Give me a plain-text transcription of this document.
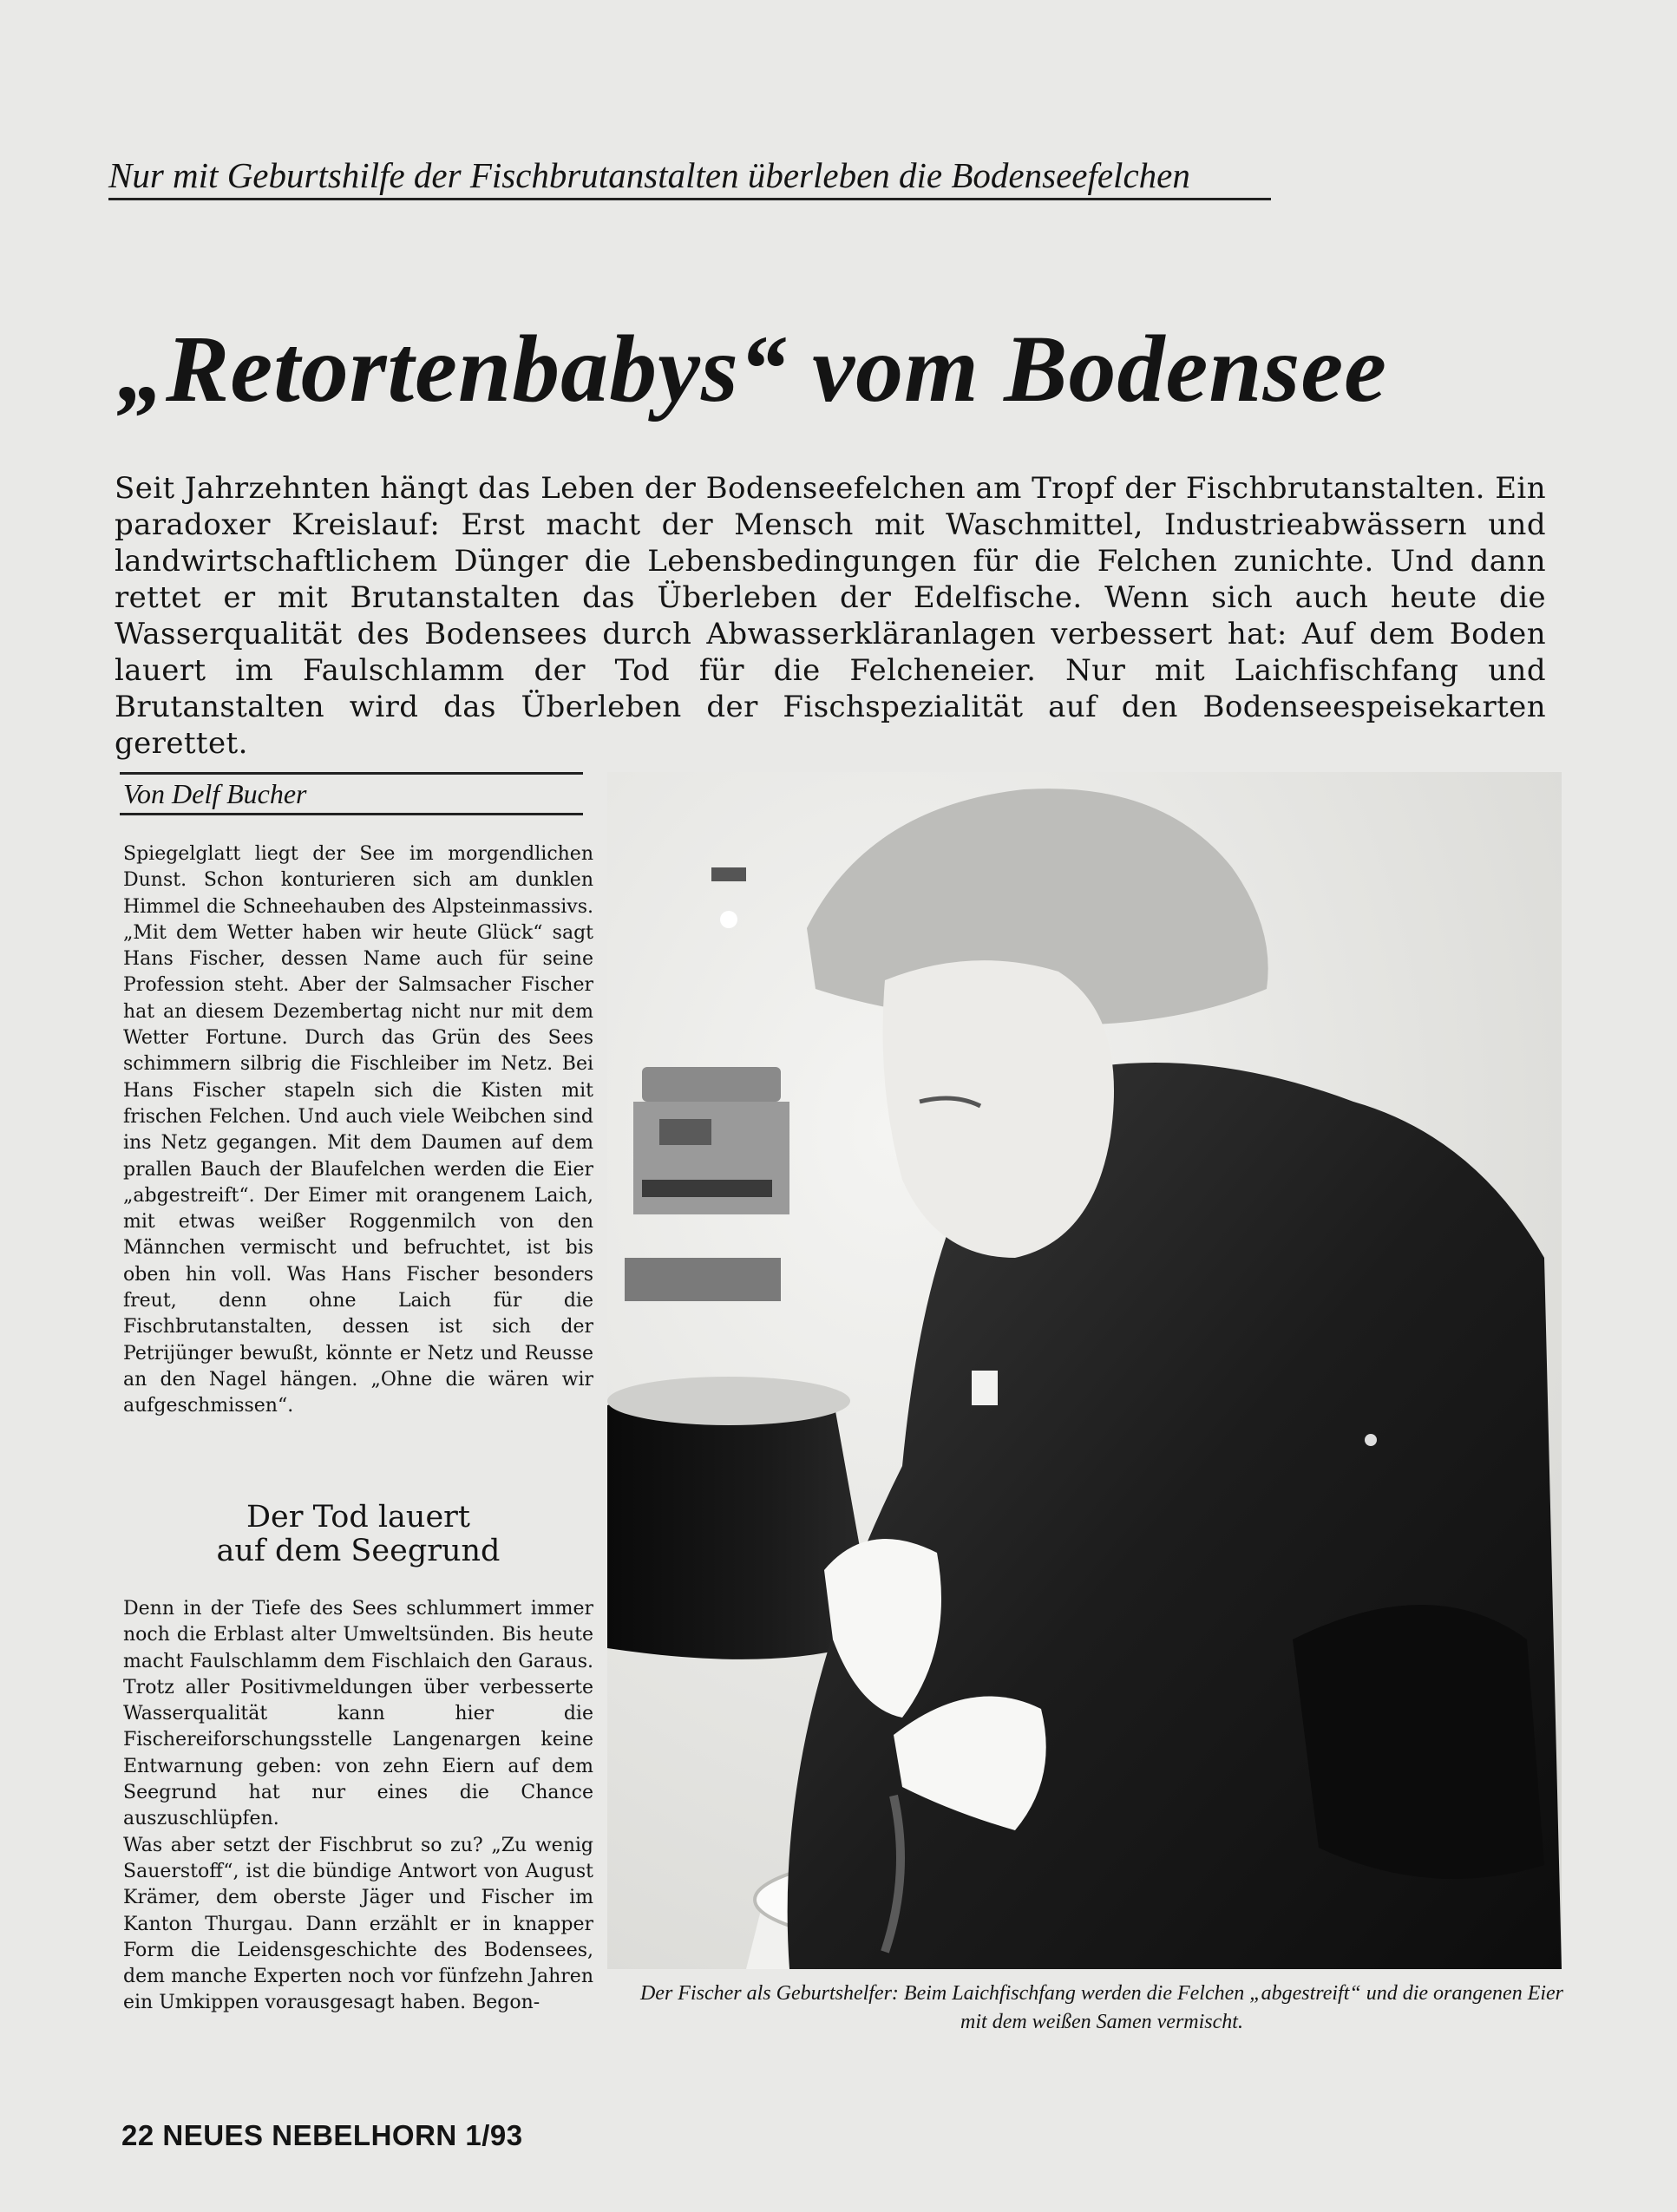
Nur mit Geburtshilfe der Fischbrutanstalten überleben die Bodenseefelchen
„Retortenbabys“ vom Bodensee
Seit Jahrzehnten hängt das Leben der Bodenseefelchen am Tropf der Fischbrutanstalten. Ein paradoxer Kreislauf: Erst macht der Mensch mit Waschmittel, Industrieabwässern und landwirtschaftlichem Dünger die Lebensbedingungen für die Felchen zunichte. Und dann rettet er mit Brutanstalten das Überleben der Edelfische. Wenn sich auch heute die Wasserqualität des Bodensees durch Abwasserkläranlagen verbessert hat: Auf dem Boden lauert im Faulschlamm der Tod für die Felcheneier. Nur mit Laichfischfang und Brutanstalten wird das Überleben der Fischspezialität auf den Bodenseespeisekarten gerettet.
Von Delf Bucher

Spiegelglatt liegt der See im morgendlichen Dunst. Schon konturieren sich am dunklen Himmel die Schneehauben des Alpsteinmassivs. „Mit dem Wetter haben wir heute Glück“ sagt Hans Fischer, dessen Name auch für seine Profession steht. Aber der Salmsacher Fischer hat an diesem Dezembertag nicht nur mit dem Wetter Fortune. Durch das Grün des Sees schimmern silbrig die Fischleiber im Netz. Bei Hans Fischer stapeln sich die Kisten mit frischen Felchen. Und auch viele Weibchen sind ins Netz gegangen. Mit dem Daumen auf dem prallen Bauch der Blaufelchen werden die Eier „abgestreift“. Der Eimer mit orangenem Laich, mit etwas weißer Roggenmilch von den Männchen vermischt und befruchtet, ist bis oben hin voll. Was Hans Fischer besonders freut, denn ohne Laich für die Fischbrutanstalten, dessen ist sich der Petrijünger bewußt, könnte er Netz und Reusse an den Nagel hängen. „Ohne die wären wir aufgeschmissen“.

Der Tod lauert
auf dem Seegrund
Denn in der Tiefe des Sees schlummert immer noch die Erblast alter Umweltsünden. Bis heute macht Faulschlamm dem Fischlaich den Garaus. Trotz aller Positivmeldungen über verbesserte Wasserqualität kann hier die Fischereiforschungsstelle Langenargen keine Entwarnung geben: von zehn Eiern auf dem Seegrund hat nur eines die Chance auszuschlüpfen.
Was aber setzt der Fischbrut so zu? „Zu wenig Sauerstoff“, ist die bündige Antwort von August Krämer, dem oberste Jäger und Fischer im Kanton Thurgau. Dann erzählt er in knapper Form die Leidensgeschichte des Bodensees, dem manche Experten noch vor fünfzehn Jahren ein Umkippen vorausgesagt haben. Begon-	Der Fischer als Geburtshelfer: Beim Laichfischfang werden die Felchen „abgestreift“ und die orangenen Eier mit dem weißen Samen vermischt.
22 NEUES NEBELHORN 1/93
